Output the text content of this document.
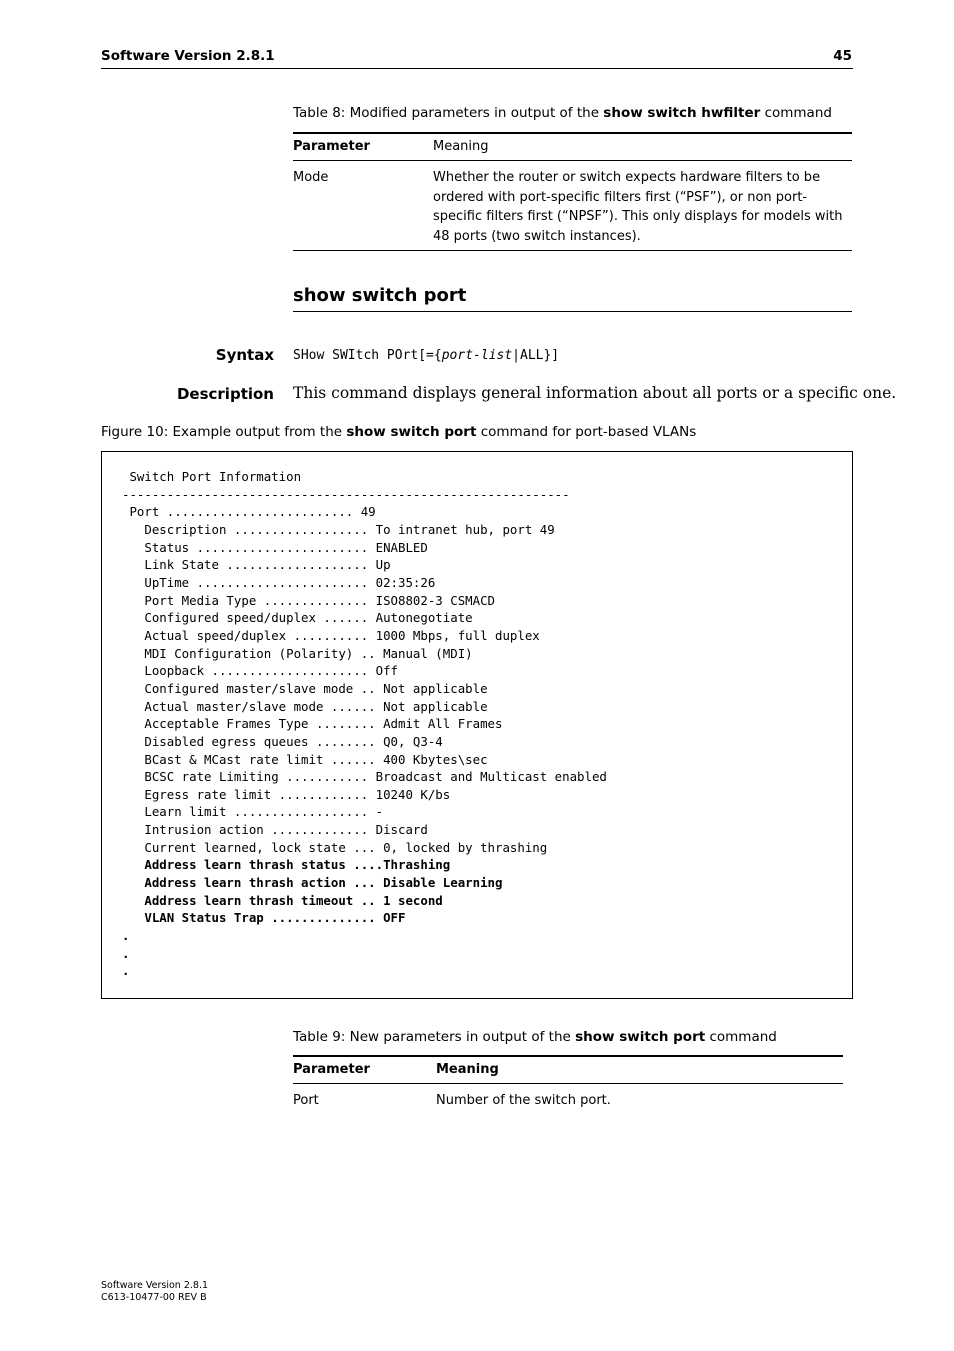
Software Version 2.8.1	45
Table 8: Modified parameters in output of the show switch hwfilter command
Parameter	Meaning
Mode	Whether the router or switch expects hardware filters to be ordered with port-specific filters first (“PSF”), or non port-specific filters first (“NPSF”). This only displays for models with 48 ports (two switch instances).
show switch port
Syntax SHow SWItch POrt[={port-list|ALL}]
Description This command displays general information about all ports or a specific one.
Figure 10: Example output from the show switch port command for port-based VLANs
Switch Port Information
------------------------------------------------------------
Port ......................... 49
Description .................. To intranet hub, port 49
Status ....................... ENABLED
Link State ................... Up
UpTime ....................... 02:35:26
Port Media Type .............. ISO8802-3 CSMACD
Configured speed/duplex ...... Autonegotiate
Actual speed/duplex .......... 1000 Mbps, full duplex
MDI Configuration (Polarity) .. Manual (MDI)
Loopback ..................... Off
Configured master/slave mode .. Not applicable
Actual master/slave mode ...... Not applicable
Acceptable Frames Type ........ Admit All Frames
Disabled egress queues ........ Q0, Q3-4
BCast & MCast rate limit ...... 400 Kbytes\sec
BCSC rate Limiting ........... Broadcast and Multicast enabled
Egress rate limit ............ 10240 K/bs
Learn limit .................. -
Intrusion action ............. Discard
Current learned, lock state ... 0, locked by thrashing
Address learn thrash status ....Thrashing
Address learn thrash action ... Disable Learning
Address learn thrash timeout .. 1 second
VLAN Status Trap .............. OFF
.
.
.
Table 9: New parameters in output of the show switch port command
Parameter	Meaning
Port	Number of the switch port.
Software Version 2.8.1
C613-10477-00 REV B
